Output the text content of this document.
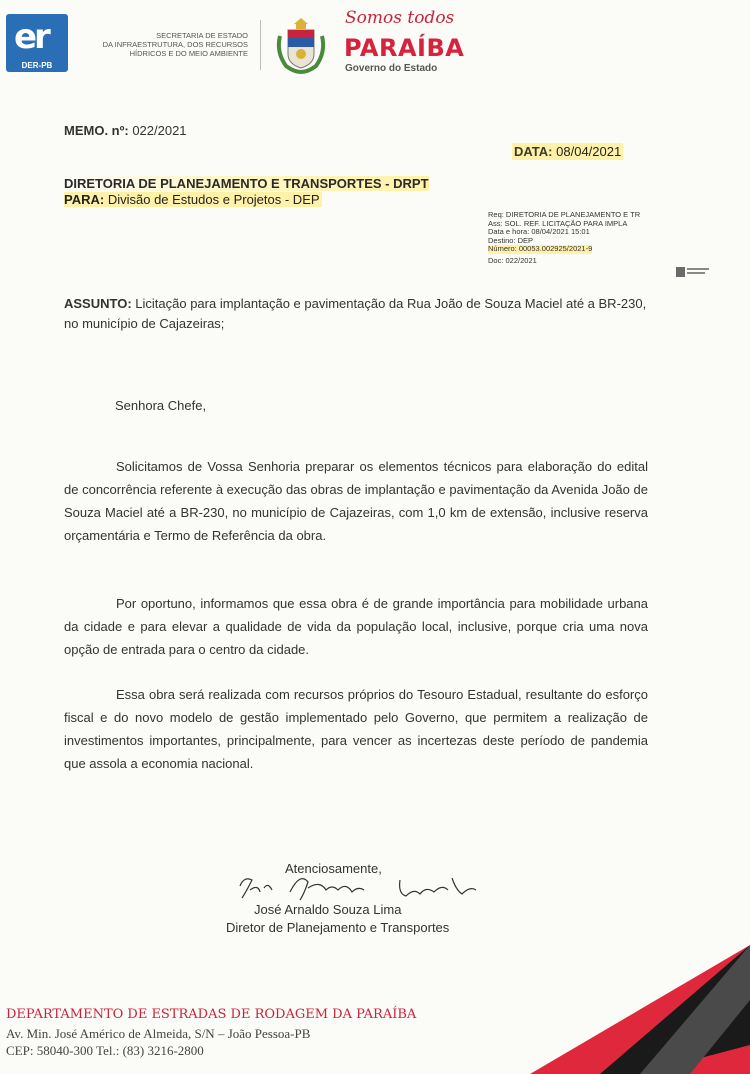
er
DER-PB
SECRETARIA DE ESTADO
DA INFRAESTRUTURA, DOS RECURSOS
HÍDRICOS E DO MEIO AMBIENTE
Somos todos
PARAÍBA
Governo do Estado
MEMO. nº: 022/2021
DATA: 08/04/2021
DIRETORIA DE PLANEJAMENTO E TRANSPORTES - DRPT
PARA: Divisão de Estudos e Projetos - DEP
Req: DIRETORIA DE PLANEJAMENTO E TR
Ass: SOL. REF. LICITAÇÃO PARA IMPLA
Data e hora: 08/04/2021 15:01
Destino: DEP
Número: 00053.002925/2021-9
Doc: 022/2021
ASSUNTO: Licitação para implantação e pavimentação da Rua João de Souza Maciel até a BR-230, no município de Cajazeiras;
Senhora Chefe,

Solicitamos de Vossa Senhoria preparar os elementos técnicos para elaboração do edital de concorrência referente à execução das obras de implantação e pavimentação da Avenida João de Souza Maciel até a BR-230, no município de Cajazeiras, com 1,0 km de extensão, inclusive reserva orçamentária e Termo de Referência da obra.

Por oportuno, informamos que essa obra é de grande importância para mobilidade urbana da cidade e para elevar a qualidade de vida da população local, inclusive, porque cria uma nova opção de entrada para o centro da cidade.

Essa obra será realizada com recursos próprios do Tesouro Estadual, resultante do esforço fiscal e do novo modelo de gestão implementado pelo Governo, que permitem a realização de investimentos importantes, principalmente, para vencer as incertezas deste período de pandemia que assola a economia nacional.

Atenciosamente,
José Arnaldo Souza Lima
Diretor de Planejamento e Transportes
DEPARTAMENTO DE ESTRADAS DE RODAGEM DA PARAÍBA
Av. Min. José Américo de Almeida, S/N – João Pessoa-PB
CEP: 58040-300 Tel.: (83) 3216-2800
